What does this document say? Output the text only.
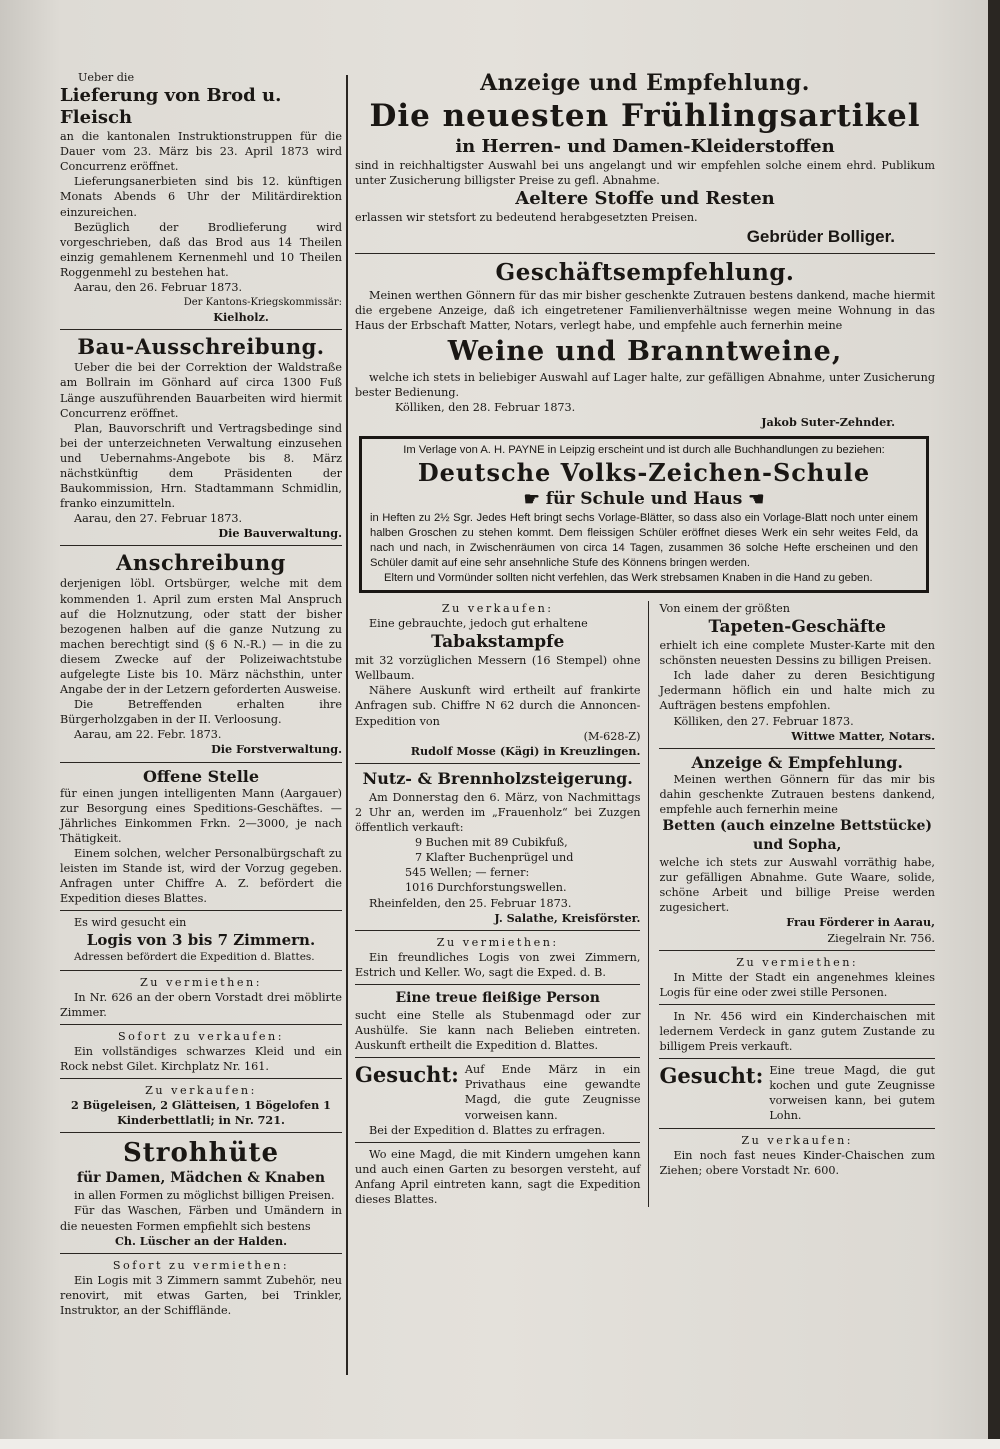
Ueber die

Lieferung von Brod u. Fleisch

an die kantonalen Instruktionstruppen für die Dauer vom 23. März bis 23. April 1873 wird Concurrenz eröffnet.

Lieferungsanerbieten sind bis 12. künftigen Monats Abends 6 Uhr der Militärdirektion einzureichen.

Bezüglich der Brodlieferung wird vorgeschrieben, daß das Brod aus 14 Theilen einzig gemahlenem Kernenmehl und 10 Theilen Roggenmehl zu bestehen hat.

Aarau, den 26. Februar 1873.

Der Kantons-Kriegskommissär:

Kielholz.

Bau-Ausschreibung.

Ueber die bei der Correktion der Waldstraße am Bollrain im Gönhard auf circa 1300 Fuß Länge auszuführenden Bauarbeiten wird hiermit Concurrenz eröffnet.

Plan, Bauvorschrift und Vertragsbedinge sind bei der unterzeichneten Verwaltung einzusehen und Uebernahms-Angebote bis 8. März nächstkünftig dem Präsidenten der Baukommission, Hrn. Stadtammann Schmidlin, franko einzumitteln.

Aarau, den 27. Februar 1873.

Die Bauverwaltung.

Anschreibung

derjenigen löbl. Ortsbürger, welche mit dem kommenden 1. April zum ersten Mal Anspruch auf die Holznutzung, oder statt der bisher bezogenen halben auf die ganze Nutzung zu machen berechtigt sind (§ 6 N.-R.) — in die zu diesem Zwecke auf der Polizeiwachtstube aufgelegte Liste bis 10. März nächsthin, unter Angabe der in der Letzern geforderten Ausweise.

Die Betreffenden erhalten ihre Bürgerholzgaben in der II. Verloosung.

Aarau, am 22. Febr. 1873.

Die Forstverwaltung.

Offene Stelle

für einen jungen intelligenten Mann (Aargauer) zur Besorgung eines Speditions-Geschäftes. — Jährliches Einkommen Frkn. 2—3000, je nach Thätigkeit.

Einem solchen, welcher Personalbürgschaft zu leisten im Stande ist, wird der Vorzug gegeben. Anfragen unter Chiffre A. Z. befördert die Expedition dieses Blattes.

Es wird gesucht ein

Logis von 3 bis 7 Zimmern.

Adressen befördert die Expedition d. Blattes.

Zu vermiethen:

In Nr. 626 an der obern Vorstadt drei möblirte Zimmer.

Sofort zu verkaufen:

Ein vollständiges schwarzes Kleid und ein Rock nebst Gilet. Kirchplatz Nr. 161.

Zu verkaufen:

2 Bügeleisen, 2 Glätteisen, 1 Bögelofen 1 Kinderbettlatli; in Nr. 721.

Strohhüte

für Damen, Mädchen & Knaben

in allen Formen zu möglichst billigen Preisen.

Für das Waschen, Färben und Umändern in die neuesten Formen empfiehlt sich bestens

Ch. Lüscher an der Halden.

Sofort zu vermiethen:

Ein Logis mit 3 Zimmern sammt Zubehör, neu renovirt, mit etwas Garten, bei Trinkler, Instruktor, an der Schifflände.

Anzeige und Empfehlung.

Die neuesten Frühlingsartikel

in Herren- und Damen-Kleiderstoffen

sind in reichhaltigster Auswahl bei uns angelangt und wir empfehlen solche einem ehrd. Publikum unter Zusicherung billigster Preise zu gefl. Abnahme.

Aeltere Stoffe und Resten

erlassen wir stetsfort zu bedeutend herabgesetzten Preisen.

Gebrüder Bolliger.

Geschäftsempfehlung.

Meinen werthen Gönnern für das mir bisher geschenkte Zutrauen bestens dankend, mache hiermit die ergebene Anzeige, daß ich eingetretener Familienverhältnisse wegen meine Wohnung in das Haus der Erbschaft Matter, Notars, verlegt habe, und empfehle auch fernerhin meine

Weine und Branntweine,

welche ich stets in beliebiger Auswahl auf Lager halte, zur gefälligen Abnahme, unter Zusicherung bester Bedienung.

Kölliken, den 28. Februar 1873.

Jakob Suter-Zehnder.

Im Verlage von A. H. PAYNE in Leipzig erscheint und ist durch alle Buchhandlungen zu beziehen:

Deutsche Volks-Zeichen-Schule

☛ für Schule und Haus ☚

in Heften zu 2½ Sgr. Jedes Heft bringt sechs Vorlage-Blätter, so dass also ein Vorlage-Blatt noch unter einem halben Groschen zu stehen kommt. Dem fleissigen Schüler eröffnet dieses Werk ein sehr weites Feld, da nach und nach, in Zwischenräumen von circa 14 Tagen, zusammen 36 solche Hefte erscheinen und den Schüler damit auf eine sehr ansehnliche Stufe des Könnens bringen werden.

Eltern und Vormünder sollten nicht verfehlen, das Werk strebsamen Knaben in die Hand zu geben.

Zu verkaufen:

Eine gebrauchte, jedoch gut erhaltene

Tabakstampfe

mit 32 vorzüglichen Messern (16 Stempel) ohne Wellbaum.

Nähere Auskunft wird ertheilt auf frankirte Anfragen sub. Chiffre N 62 durch die Annoncen-Expedition von

(M-628-Z)

Rudolf Mosse (Kägi) in Kreuzlingen.

Nutz- & Brennholzsteigerung.

Am Donnerstag den 6. März, von Nachmittags 2 Uhr an, werden im „Frauenholz“ bei Zuzgen öffentlich verkauft:

9 Buchen mit 89 Cubikfuß,

7 Klafter Buchenprügel und

545 Wellen; — ferner:

1016 Durchforstungswellen.

Rheinfelden, den 25. Februar 1873.

J. Salathe, Kreisförster.

Zu vermiethen:

Ein freundliches Logis von zwei Zimmern, Estrich und Keller. Wo, sagt die Exped. d. B.

Eine treue fleißige Person

sucht eine Stelle als Stubenmagd oder zur Aushülfe. Sie kann nach Belieben eintreten. Auskunft ertheilt die Expedition d. Blattes.

Gesucht: Auf Ende März in ein Privathaus eine gewandte Magd, die gute Zeugnisse vorweisen kann.

Bei der Expedition d. Blattes zu erfragen.

Wo eine Magd, die mit Kindern umgehen kann und auch einen Garten zu besorgen versteht, auf Anfang April eintreten kann, sagt die Expedition dieses Blattes.

Von einem der größten

Tapeten-Geschäfte

erhielt ich eine complete Muster-Karte mit den schönsten neuesten Dessins zu billigen Preisen.

Ich lade daher zu deren Besichtigung Jedermann höflich ein und halte mich zu Aufträgen bestens empfohlen.

Kölliken, den 27. Februar 1873.

Wittwe Matter, Notars.

Anzeige & Empfehlung.

Meinen werthen Gönnern für das mir bis dahin geschenkte Zutrauen bestens dankend, empfehle auch fernerhin meine

Betten (auch einzelne Bettstücke)

und Sopha,

welche ich stets zur Auswahl vorräthig habe, zur gefälligen Abnahme. Gute Waare, solide, schöne Arbeit und billige Preise werden zugesichert.

Frau Förderer in Aarau,

Ziegelrain Nr. 756.

Zu vermiethen:

In Mitte der Stadt ein angenehmes kleines Logis für eine oder zwei stille Personen.

In Nr. 456 wird ein Kinderchaischen mit ledernem Verdeck in ganz gutem Zustande zu billigem Preis verkauft.

Gesucht: Eine treue Magd, die gut kochen und gute Zeugnisse vorweisen kann, bei gutem Lohn.

Zu verkaufen:

Ein noch fast neues Kinder-Chaischen zum Ziehen; obere Vorstadt Nr. 600.
